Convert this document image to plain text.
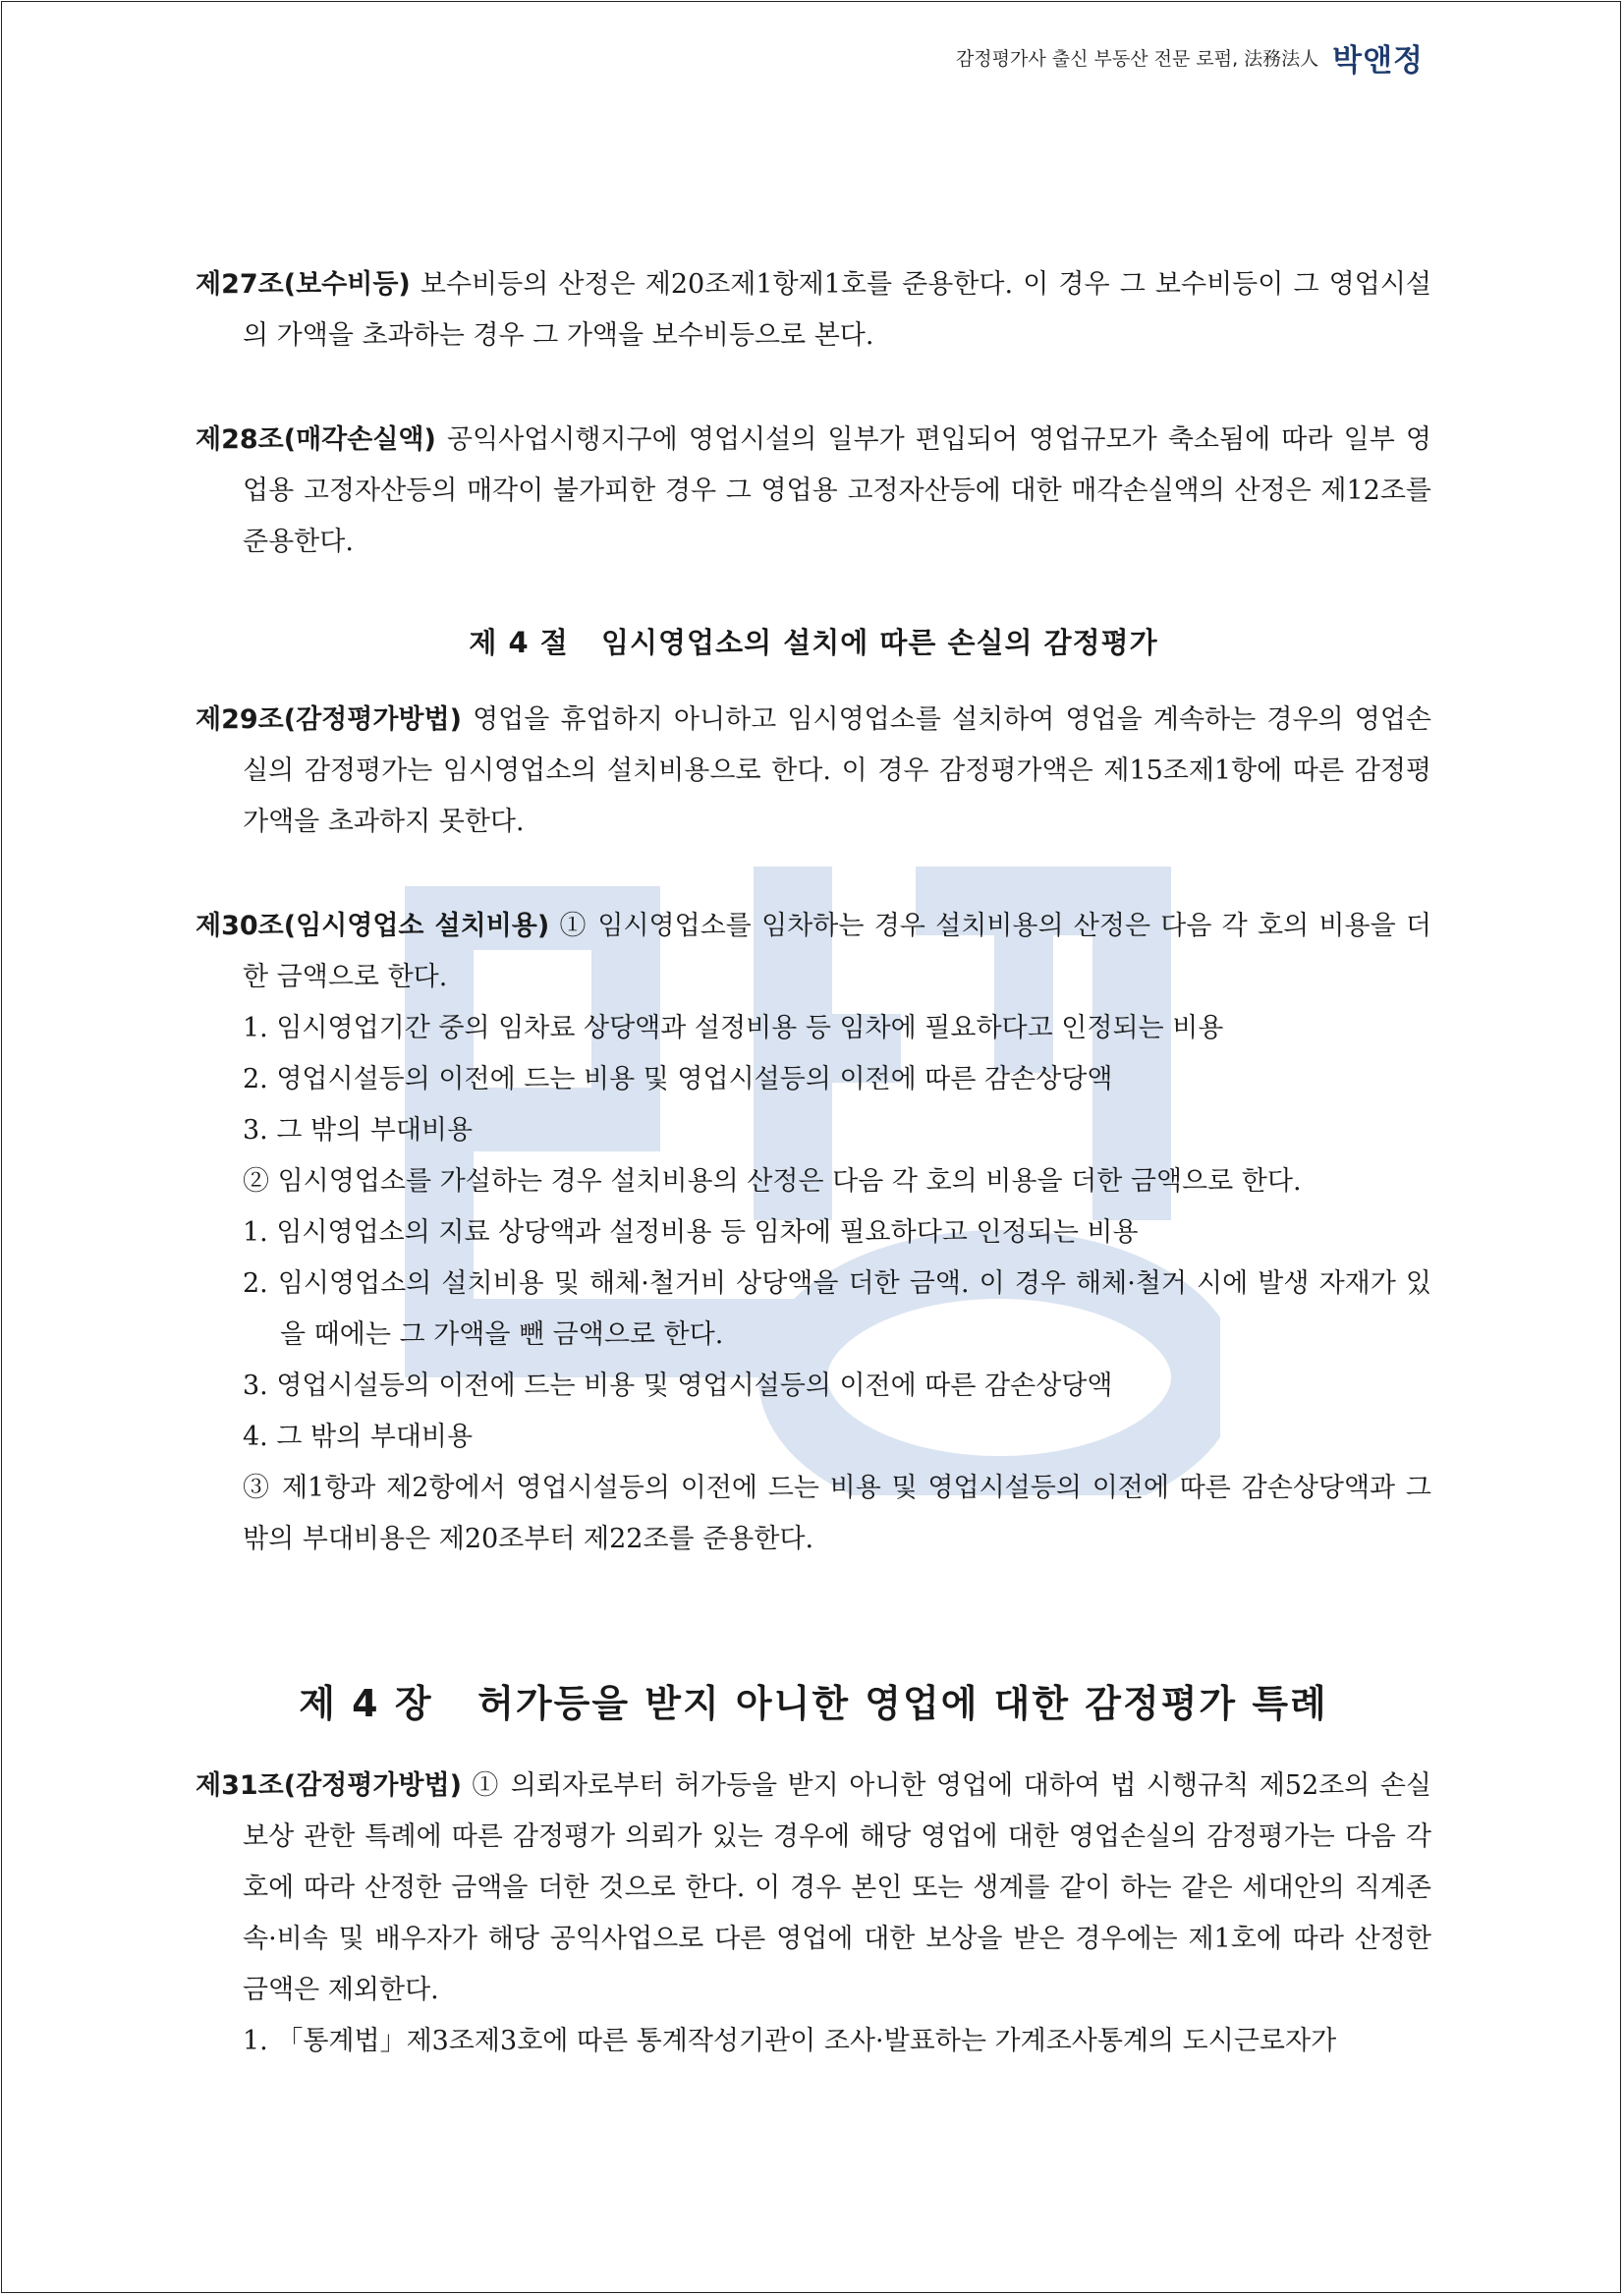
감정평가사 출신 부동산 전문 로펌, 法務法人 박앤정

제27조(보수비등) 보수비등의 산정은 제20조제1항제1호를 준용한다. 이 경우 그 보수비등이 그 영업시설의 가액을 초과하는 경우 그 가액을 보수비등으로 본다.

제28조(매각손실액) 공익사업시행지구에 영업시설의 일부가 편입되어 영업규모가 축소됨에 따라 일부 영업용 고정자산등의 매각이 불가피한 경우 그 영업용 고정자산등에 대한 매각손실액의 산정은 제12조를 준용한다.

제 4 절   임시영업소의 설치에 따른 손실의 감정평가

제29조(감정평가방법) 영업을 휴업하지 아니하고 임시영업소를 설치하여 영업을 계속하는 경우의 영업손실의 감정평가는 임시영업소의 설치비용으로 한다. 이 경우 감정평가액은 제15조제1항에 따른 감정평가액을 초과하지 못한다.

제30조(임시영업소 설치비용) ① 임시영업소를 임차하는 경우 설치비용의 산정은 다음 각 호의 비용을 더한 금액으로 한다.

1. 임시영업기간 중의 임차료 상당액과 설정비용 등 임차에 필요하다고 인정되는 비용

2. 영업시설등의 이전에 드는 비용 및 영업시설등의 이전에 따른 감손상당액

3. 그 밖의 부대비용

② 임시영업소를 가설하는 경우 설치비용의 산정은 다음 각 호의 비용을 더한 금액으로 한다.

1. 임시영업소의 지료 상당액과 설정비용 등 임차에 필요하다고 인정되는 비용

2. 임시영업소의 설치비용 및 해체·철거비 상당액을 더한 금액. 이 경우 해체·철거 시에 발생 자재가 있을 때에는 그 가액을 뺀 금액으로 한다.

3. 영업시설등의 이전에 드는 비용 및 영업시설등의 이전에 따른 감손상당액

4. 그 밖의 부대비용

③ 제1항과 제2항에서 영업시설등의 이전에 드는 비용 및 영업시설등의 이전에 따른 감손상당액과 그 밖의 부대비용은 제20조부터 제22조를 준용한다.

제 4 장   허가등을 받지 아니한 영업에 대한 감정평가 특례

제31조(감정평가방법) ① 의뢰자로부터 허가등을 받지 아니한 영업에 대하여 법 시행규칙 제52조의 손실보상 관한 특례에 따른 감정평가 의뢰가 있는 경우에 해당 영업에 대한 영업손실의 감정평가는 다음 각 호에 따라 산정한 금액을 더한 것으로 한다. 이 경우 본인 또는 생계를 같이 하는 같은 세대안의 직계존속·비속 및 배우자가 해당 공익사업으로 다른 영업에 대한 보상을 받은 경우에는 제1호에 따라 산정한 금액은 제외한다.

1. 「통계법」제3조제3호에 따른 통계작성기관이 조사·발표하는 가계조사통계의 도시근로자가
